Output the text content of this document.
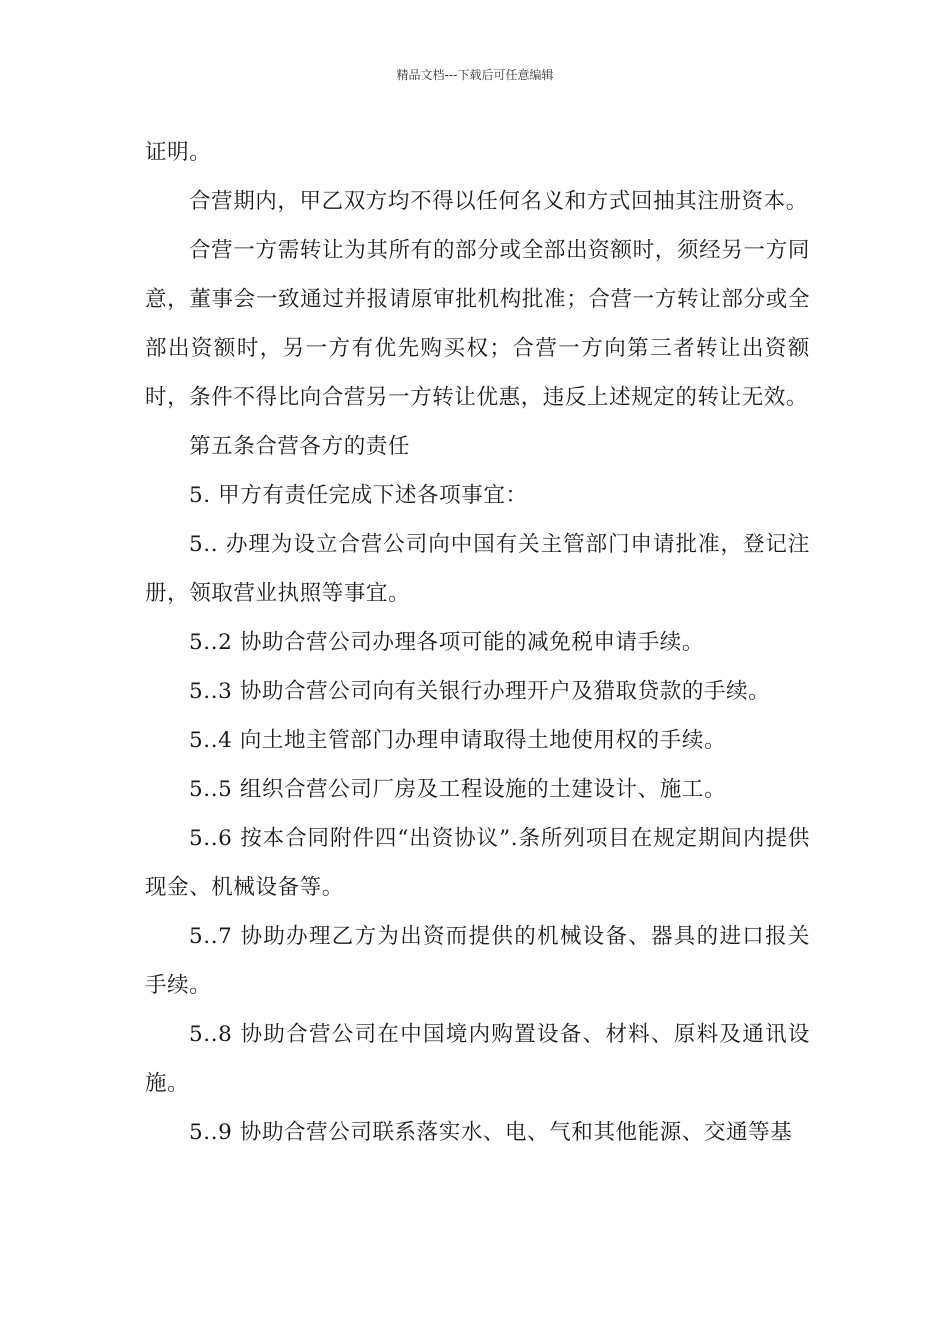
精品文档---下载后可任意编辑

证明。

合营期内，甲乙双方均不得以任何名义和方式回抽其注册资本。

合营一方需转让为其所有的部分或全部出资额时，须经另一方同意，董事会一致通过并报请原审批机构批准；合营一方转让部分或全部出资额时，另一方有优先购买权；合营一方向第三者转让出资额时，条件不得比向合营另一方转让优惠，违反上述规定的转让无效。

第五条合营各方的责任

5. 甲方有责任完成下述各项事宜：

5.. 办理为设立合营公司向中国有关主管部门申请批准，登记注册，领取营业执照等事宜。

5..2 协助合营公司办理各项可能的减免税申请手续。

5..3 协助合营公司向有关银行办理开户及猎取贷款的手续。

5..4 向土地主管部门办理申请取得土地使用权的手续。

5..5 组织合营公司厂房及工程设施的土建设计、施工。

5..6 按本合同附件四“出资协议”.条所列项目在规定期间内提供现金、机械设备等。

5..7 协助办理乙方为出资而提供的机械设备、器具的进口报关手续。

5..8 协助合营公司在中国境内购置设备、材料、原料及通讯设施。

5..9 协助合营公司联系落实水、电、气和其他能源、交通等基
